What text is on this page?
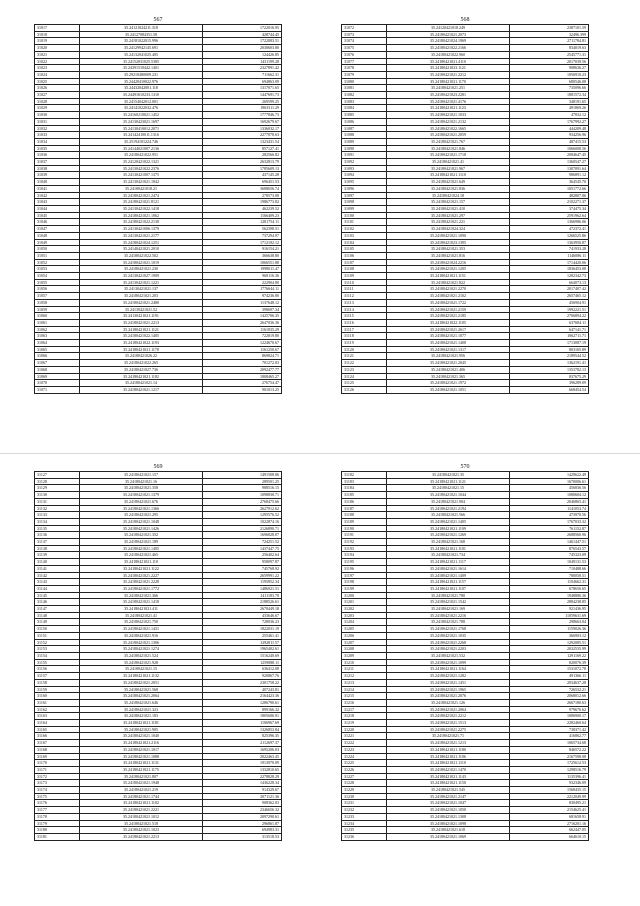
567
31017	35.24121024211.318	1722016.95
31018	35.24127084351.58	428744.45
31019	35.24181022015.996	1722083.51
31020	35.24129942145.691	2030603.80
31021	35.24132041025.405	124426.85
31022	35.24152031025.5385	1431199.28
31023	35.24391510442.1401	2327891.42
31024	35.29210480009.231	711662.31
31025	35.24428410022.976	694863.09
31026	35.24432042001.118	1317071.65
31027	35.24491610233.1310	1447691.73
31028	35.24154042012.001	269599.25
31029	35.24141022032.476	1963311.29
31030	35.24160210021.1452	1777846.73
31031	35.24130423021.1697	1692679.67
31032	35.24130410012.2071	1336032.17
31033	35.24142410011.1316	2277078.63
31034	35.25194101224.746	1323431.54
31035	35.24144021007.2136	857127.41
31036	35.24180421022.951	282566.82
31037	35.24120421022.1321	2632813.79
31038	35.24130421022.2376	1785609.13
31039	35.24130421007.1375	437145.28
31040	35.24130421021.1842	696451.53
31041	35.24180421018.21	3688656.74
31042	35.24180421021.2474	278573.08
31043	35.24180421021.8121	1986773.82
31044	35.24130421022.1418	462239.52
31045	35.24180421021.1062	1166409.23
31046	35.24180421022.2130	1281754.11
31047	35.24130421006.1379	562398.51
31048	35.24130421021.2177	737294.97
31049	35.24180421024.1251	1712192.12
31050	35.24140421021.2010	916154.21
31051	35.24180421022.502	366638.80
31052	35.24180421021.1019	1066551.88
31053	35.24180421021.230	1998011.47
31054	35.24130421027.1909	968116.36
31055	35.24130421021.1221	222904.80
31056	35.24130421021.137	1776644.11
31057	35.24180421021.203	974236.80
31058	35.24180421021.2480	1137648.12
31059	35.24130421021.52	398697.34
31060	35.24130421021.1191	1425706.35
31061	35.24180421021.2213	2647036.36
31062	35.24180421021.1121	1161835.29
31063	35.24180421022.1405	722819.80
31064	35.24180421022.1193	1224670.67
31065	35.24180421021.1178	1161250.67
31066	35.24180421026.22	869824.71
31067	35.24180421022.265	701272.03
31068	35.24180421027.736	2092477.77
31069	35.24180421021.1182	1808465.27
31070	35.24180421021.14	276754.47
31071	35.24180421021.1217	901013.25
568
31072	35.24120421018.249	2387101.59
31073	35.24180421021.2073	32496.399
31074	35.24180421024.1969	2711784.81
31075	35.24180421022.2166	834019.63
31076	35.24180421022.960	2545771.31
31077	35.24180421021.4110	2017039.56
31078	35.24180421023.1121	908636.27
31079	35.24180421021.2212	1056910.23
31080	35.24180421021.1170	680546.08
31081	35.24180421021.251	735096.66
31082	35.24180421023.2281	1881572.34
31083	35.24180421021.4176	348191.65
31084	35.24180421021.1123	491869.26
31085	35.24180421021.1033	47832.12
31086	35.24180421021.2132	1767992.27
31087	35.24180421022.1665	444209.48
31088	35.24180421021.2059	934256.96
31089	35.24180421021.767	487415.53
31090	35.24180421021.846	1066008.56
31091	35.24180421021.1718	2084647.45
31092	35.24180421021.41	1360547.27
31093	35.24180421021.967	1307091.64
31094	35.24180421021.1110	986891.12
31095	35.24180421021.649	364545.70
31096	35.24180421021.836	1051772.66
31097	35.24180421024.18	482807.06
31098	35.24180421021.157	2102271.37
31099	35.24180421021.410	374475.34
31100	35.24180421021.297	2591962.64
31101	35.24180421021.221	1366986.06
31102	35.24180421024.324	472372.41
31103	35.24180421021.1090	1266525.86
31104	35.24180421023.1395	1363950.87
31105	35.24180421021.353	741933.28
31106	35.24180421021.816	1146086.11
31107	35.24180421024.2216	1714420.06
31108	35.24180421021.1205	1836453.08
31109	35.24180421021.1151	1282342.73
31110	35.24180421021.822	664073.13
31111	35.24180421021.2270	2017407.42
31112	35.24180421021.2102	2657465.12
31113	35.24180421021.1722	456904.91
31114	35.24180421021.2159	1992221.51
31115	35.24180421021.2185	2706894.22
31116	35.24180421022.1105	637684.11
31117	35.24180421021.2617	647141.71
31118	35.24180421021.1077	1062711.71
31119	35.24180421021.1408	1713087.19
31120	35.24180421021.1317	803165.89
31121	35.24180421021.956	2189544.52
31122	35.24180421021.2045	1362191.41
31123	35.24180421021.406	1353782.13
31124	35.24180421021.365	837675.29
31125	35.24180421021.1972	396289.09
31126	35.24180421021.1051	668454.54
569
31127	35.24180421021.157	1491508.06
31128	35.24180421021.16	289501.25
31129	35.24180421021.358	988516.15
31130	35.24180421021.1379	1098830.71
31131	35.24180421021.676	2768475.66
31132	35.24180421021.1366	2627912.62
31133	35.24180421021.295	1295576.52
31134	35.24180421021.1048	1022874.16
31135	35.24180421021.1426	2126890.71
31136	35.24180421021.352	1696828.07
31137	35.24180421021.189	724251.52
31138	35.24180421021.1405	1437447.75
31139	35.24180421021.465	256402.64
31140	35.24180421021.110	958097.87
31141	35.24180421021.1122	745768.92
31142	35.24180421021.2227	2659991.22
31143	35.24180421021.2228	1195852.34
31144	35.24180421021.1772	1486921.51
31145	35.24180421021.366	1411183.78
31146	35.24180421021.1418	2188526.61
31147	35.24180421021.411	2670449.18
31148	35.24180421021.41	433646.67
31149	35.24180421021.750	728036.23
31150	35.24180421021.1431	1822031.19
31151	35.24180421021.916	255461.41
31152	35.24180421021.1306	1292811.57
31153	35.24180421021.1274	1965402.61
31154	35.24180421021.524	1516240.69
31155	35.24180421021.928	1259088.11
31156	35.24180421021.15	636412.08
31157	35.24180421021.1132	920867.76
31158	35.24180421021.2051	2301758.22
31159	35.24180421021.568	407243.81
31160	35.24180421021.2064	2164423.36
31161	35.24180421021.646	1286790.61
31162	35.24180421021.323	899166.32
31163	35.24180421021.183	1805606.91
31164	35.24180421021.1181	1106967.69
31165	35.24180421021.905	1326853.84
31166	35.24180421021.1040	825396.35
31167	35.24180421021.2116	2112697.37
31168	35.24180421021.1017	1695206.03
31169	35.24180421021.1088	2022463.45
31170	35.24180421021.1131	1913970.09
31171	35.24180421021.1175	1332810.65
31172	35.24180421021.807	2278828.29
31173	35.24180421021.1948	1436228.34
31174	35.24180421021.219	914329.67
31175	35.24180421021.1744	2071121.36
31176	35.24180421021.1102	908362.03
31177	35.24180421021.2221	2346656.32
31178	35.24180421021.1012	2097290.61
31179	35.24180421021.518	296861.87
31180	35.24180421021.1023	694983.31
31181	35.24180421021.2213	313518.53
570
31182	35.24180421021.35	1429622.49
31183	35.24180421021.1121	1670006.61
31184	35.24180421021.15	456836.56
31185	35.24180421021.1044	1080604.12
31186	35.24180421021.904	2046865.41
31187	35.24180421021.2194	1141053.74
31188	35.24180421021.566	473970.56
31189	35.24180421021.1405	1767033.32
31190	35.24180421021.1109	761152.87
31191	35.24180421021.1269	2688560.96
31192	35.24180421021.168	1461447.51
31193	35.24180421021.1101	876543.57
31194	35.24180421021.734	745323.09
31195	35.24180421021.1117	1049131.53
31196	35.24180421021.1614	710488.66
31197	35.24180421021.1409	780058.51
31198	35.24180421021.1157	1104662.31
31199	35.24180421021.1107	678650.65
31200	35.24180421021.780	1948886.36
31201	35.24180421021.1542	2884238.85
31202	35.24180421021.169	921436.95
31203	35.24180421021.2216	11059631.69
31204	35.24180421021.788	298663.04
31205	35.24180421021.1768	1159026.36
31206	35.24180421021.1035	366903.12
31207	35.24180421021.2268	1292085.51
31208	35.24180421021.2203	2032535.99
31209	35.24180421021.532	1291169.22
31210	35.24180421021.1099	820076.39
31211	35.24180421021.1164	1531072.78
31212	35.24180421021.1282	491366.11
31213	35.24180421021.1451	2034637.28
31214	35.24180421021.1965	726532.21
31215	35.24180421021.2076	2068012.66
31216	35.24180421021.126	2667180.63
31217	35.24180421021.2064	979676.62
31218	35.24180421021.2212	1086900.17
31219	35.24180421021.1513	2282460.64
31220	35.24180421021.2275	738371.42
31221	35.24180421021.71	416862.77
31222	35.24180421021.1213	1065734.68
31223	35.24180421021.1180	846572.22
31224	35.24180421021.1106	2167598.08
31225	35.24180421021.1110	1725612.53
31226	35.24180421021.1470	1298516.79
31227	35.24180421021.1143	1135396.41
31228	35.24180421021.1150	932346.09
31229	35.24180421021.545	1568435.15
31230	35.24180421021.2147	2212049.99
31231	35.24180421021.1047	830495.21
31232	35.24180421021.1050	2154625.41
31233	35.24180421021.1308	681658.91
31234	35.24180421021.1098	2716201.16
31235	35.24180421021.618	662447.05
31236	35.24180421021.1069	664610.15
